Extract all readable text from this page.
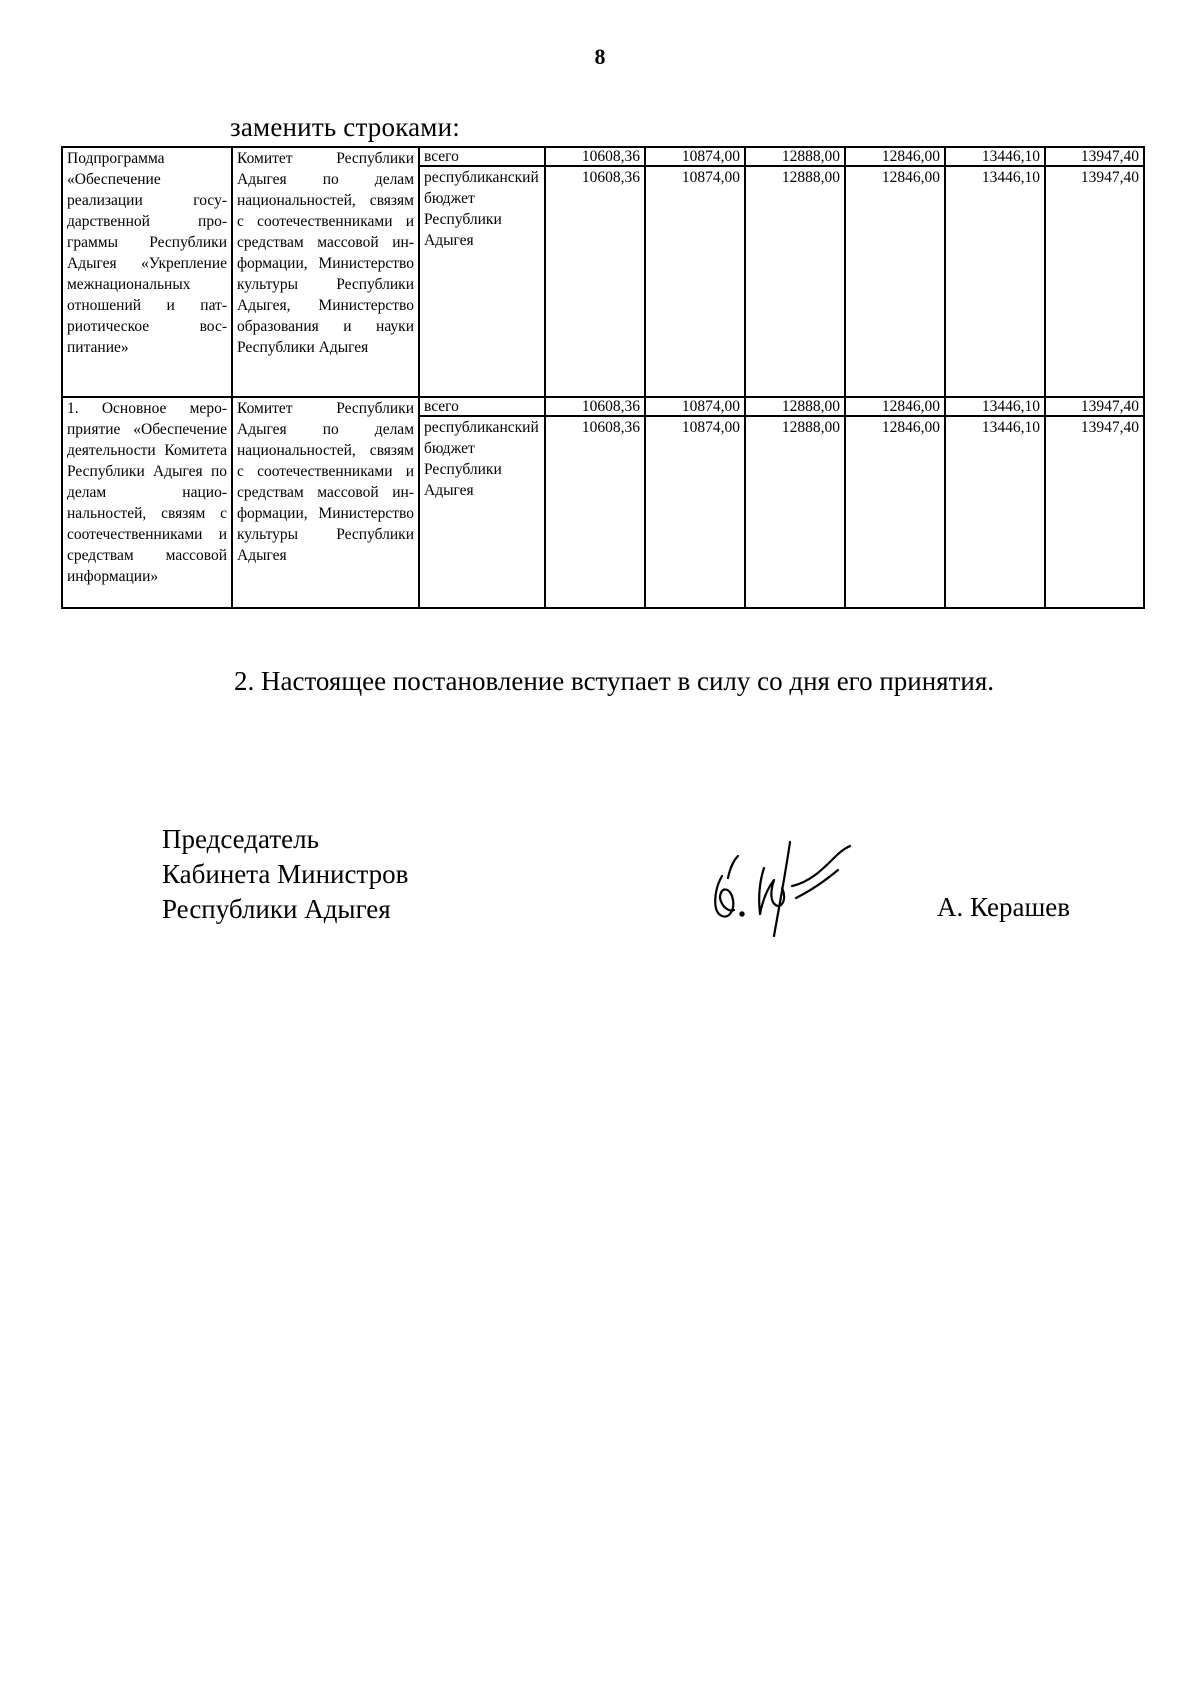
8
заменить строками:
Подпрограмма «Обеспечение реализации государственной программы Республики Адыгея «Укрепление межнациональных отношений и патриотическое воспитание»	Комитет Республики Адыгея по делам национальностей, связям с соотечественниками и средствам массовой информации, Министерство культуры Республики Адыгея, Министерство образования и науки Республики Адыгея	всего	10608,36	10874,00	12888,00	12846,00	13446,10	13947,40
		республиканский бюджет Республики Адыгея	10608,36	10874,00	12888,00	12846,00	13446,10	13947,40
1. Основное мероприятие «Обеспечение деятельности Комитета Республики Адыгея по делам национальностей, связям с соотечественниками и средствам массовой информации»	Комитет Республики Адыгея по делам национальностей, связям с соотечественниками и средствам массовой информации, Министерство культуры Республики Адыгея	всего	10608,36	10874,00	12888,00	12846,00	13446,10	13947,40
		республиканский бюджет Республики Адыгея	10608,36	10874,00	12888,00	12846,00	13446,10	13947,40
2. Настоящее постановление вступает в силу со дня его принятия.
Председатель
Кабинета Министров
Республики Адыгея	А. Керашев
